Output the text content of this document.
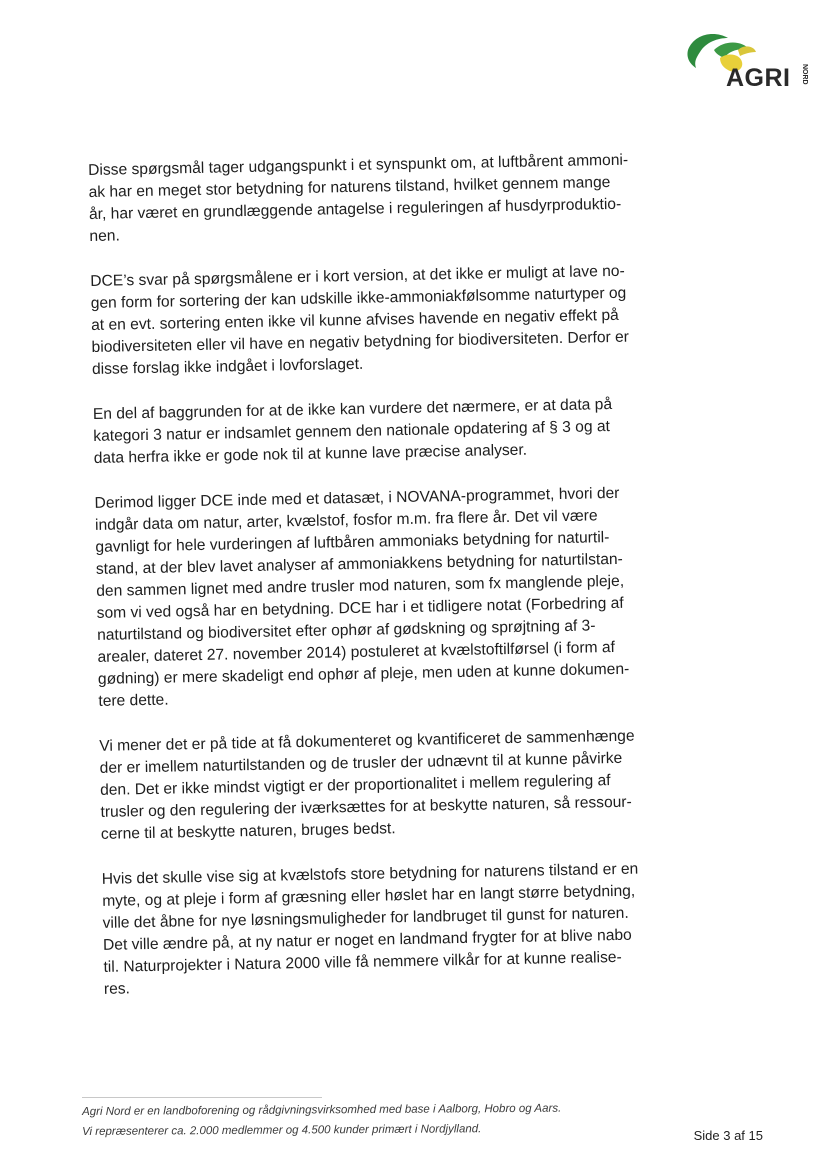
AGRI NORD

Disse spørgsmål tager udgangspunkt i et synspunkt om, at luftbårent ammoni-
ak har en meget stor betydning for naturens tilstand, hvilket gennem mange
år, har været en grundlæggende antagelse i reguleringen af husdyrproduktio-
nen.

DCE’s svar på spørgsmålene er i kort version, at det ikke er muligt at lave no-
gen form for sortering der kan udskille ikke-ammoniakfølsomme naturtyper og
at en evt. sortering enten ikke vil kunne afvises havende en negativ effekt på
biodiversiteten eller vil have en negativ betydning for biodiversiteten. Derfor er
disse forslag ikke indgået i lovforslaget.

En del af baggrunden for at de ikke kan vurdere det nærmere, er at data på
kategori 3 natur er indsamlet gennem den nationale opdatering af § 3 og at
data herfra ikke er gode nok til at kunne lave præcise analyser.

Derimod ligger DCE inde med et datasæt, i NOVANA-programmet, hvori der
indgår data om natur, arter, kvælstof, fosfor m.m. fra flere år. Det vil være
gavnligt for hele vurderingen af luftbåren ammoniaks betydning for naturtil-
stand, at der blev lavet analyser af ammoniakkens betydning for naturtilstan-
den sammen lignet med andre trusler mod naturen, som fx manglende pleje,
som vi ved også har en betydning. DCE har i et tidligere notat (Forbedring af
naturtilstand og biodiversitet efter ophør af gødskning og sprøjtning af 3-
arealer, dateret 27. november 2014) postuleret at kvælstoftilførsel (i form af
gødning) er mere skadeligt end ophør af pleje, men uden at kunne dokumen-
tere dette.

Vi mener det er på tide at få dokumenteret og kvantificeret de sammenhænge
der er imellem naturtilstanden og de trusler der udnævnt til at kunne påvirke
den. Det er ikke mindst vigtigt er der proportionalitet i mellem regulering af
trusler og den regulering der iværksættes for at beskytte naturen, så ressour-
cerne til at beskytte naturen, bruges bedst.

Hvis det skulle vise sig at kvælstofs store betydning for naturens tilstand er en
myte, og at pleje i form af græsning eller høslet har en langt større betydning,
ville det åbne for nye løsningsmuligheder for landbruget til gunst for naturen.
Det ville ændre på, at ny natur er noget en landmand frygter for at blive nabo
til. Naturprojekter i Natura 2000 ville få nemmere vilkår for at kunne realise-
res.

Agri Nord er en landboforening og rådgivningsvirksomhed med base i Aalborg, Hobro og Aars.
Vi repræsenterer ca. 2.000 medlemmer og 4.500 kunder primært i Nordjylland.	Side 3 af 15
